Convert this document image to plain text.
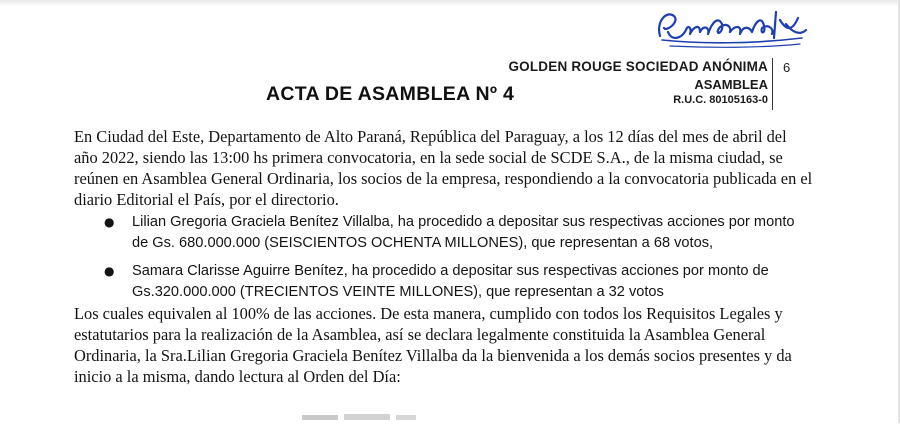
GOLDEN ROUGE SOCIEDAD ANÓNIMA
ASAMBLEA
R.U.C. 80105163-0
6
ACTA DE ASAMBLEA Nº 4

En Ciudad del Este, Departamento de Alto Paraná, República del Paraguay, a los 12 días del mes de abril del año 2022, siendo las 13:00 hs primera convocatoria, en la sede social de SCDE S.A., de la misma ciudad, se reúnen en Asamblea General Ordinaria, los socios de la empresa, respondiendo a la convocatoria publicada en el diario Editorial el País, por el directorio.

● Lilian Gregoria Graciela Benítez Villalba, ha procedido a depositar sus respectivas acciones por monto de Gs. 680.000.000 (SEISCIENTOS OCHENTA MILLONES), que representan a 68 votos,
● Samara Clarisse Aguirre Benítez, ha procedido a depositar sus respectivas acciones por monto de Gs.320.000.000 (TRECIENTOS VEINTE MILLONES), que representan a 32 votos

Los cuales equivalen al 100% de las acciones. De esta manera, cumplido con todos los Requisitos Legales y estatutarios para la realización de la Asamblea, así se declara legalmente constituida la Asamblea General Ordinaria, la Sra.Lilian Gregoria Graciela Benítez Villalba da la bienvenida a los demás socios presentes y da inicio a la misma, dando lectura al Orden del Día:
